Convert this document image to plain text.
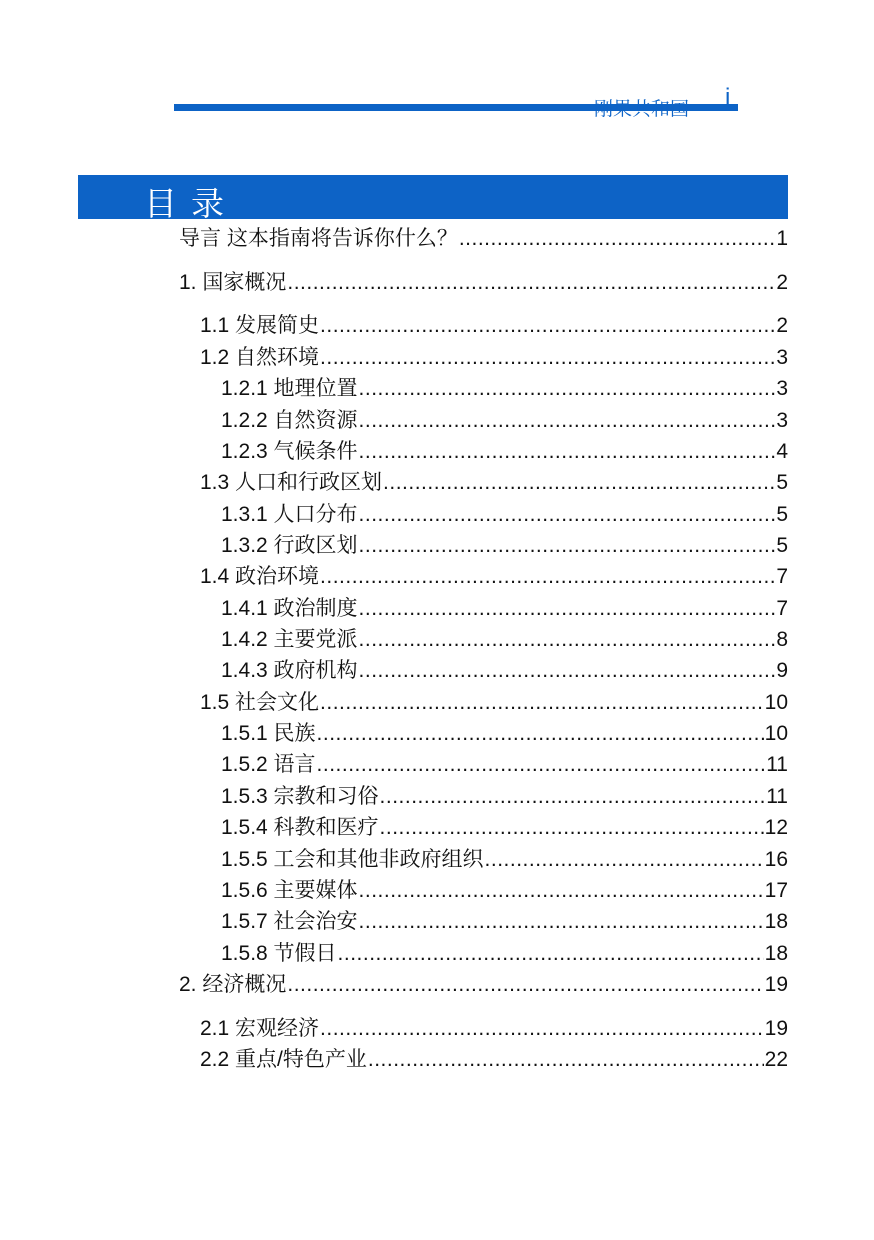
刚果共和国 i
目录
导言 这本指南将告诉你什么？ .....	1
1. 国家概况 .....	2
1.1 发展简史 .....	2
1.2 自然环境 .....	3
1.2.1 地理位置 .....	3
1.2.2 自然资源 .....	3
1.2.3 气候条件 .....	4
1.3 人口和行政区划 .....	5
1.3.1 人口分布 .....	5
1.3.2 行政区划 .....	5
1.4 政治环境 .....	7
1.4.1 政治制度 .....	7
1.4.2 主要党派 .....	8
1.4.3 政府机构 .....	9
1.5 社会文化 .....	10
1.5.1 民族 .....	10
1.5.2 语言 .....	11
1.5.3 宗教和习俗 .....	11
1.5.4 科教和医疗 .....	12
1.5.5 工会和其他非政府组织 .....	16
1.5.6 主要媒体 .....	17
1.5.7 社会治安 .....	18
1.5.8 节假日 .....	18
2. 经济概况 .....	19
2.1 宏观经济 .....	19
2.2 重点/特色产业 .....	22
